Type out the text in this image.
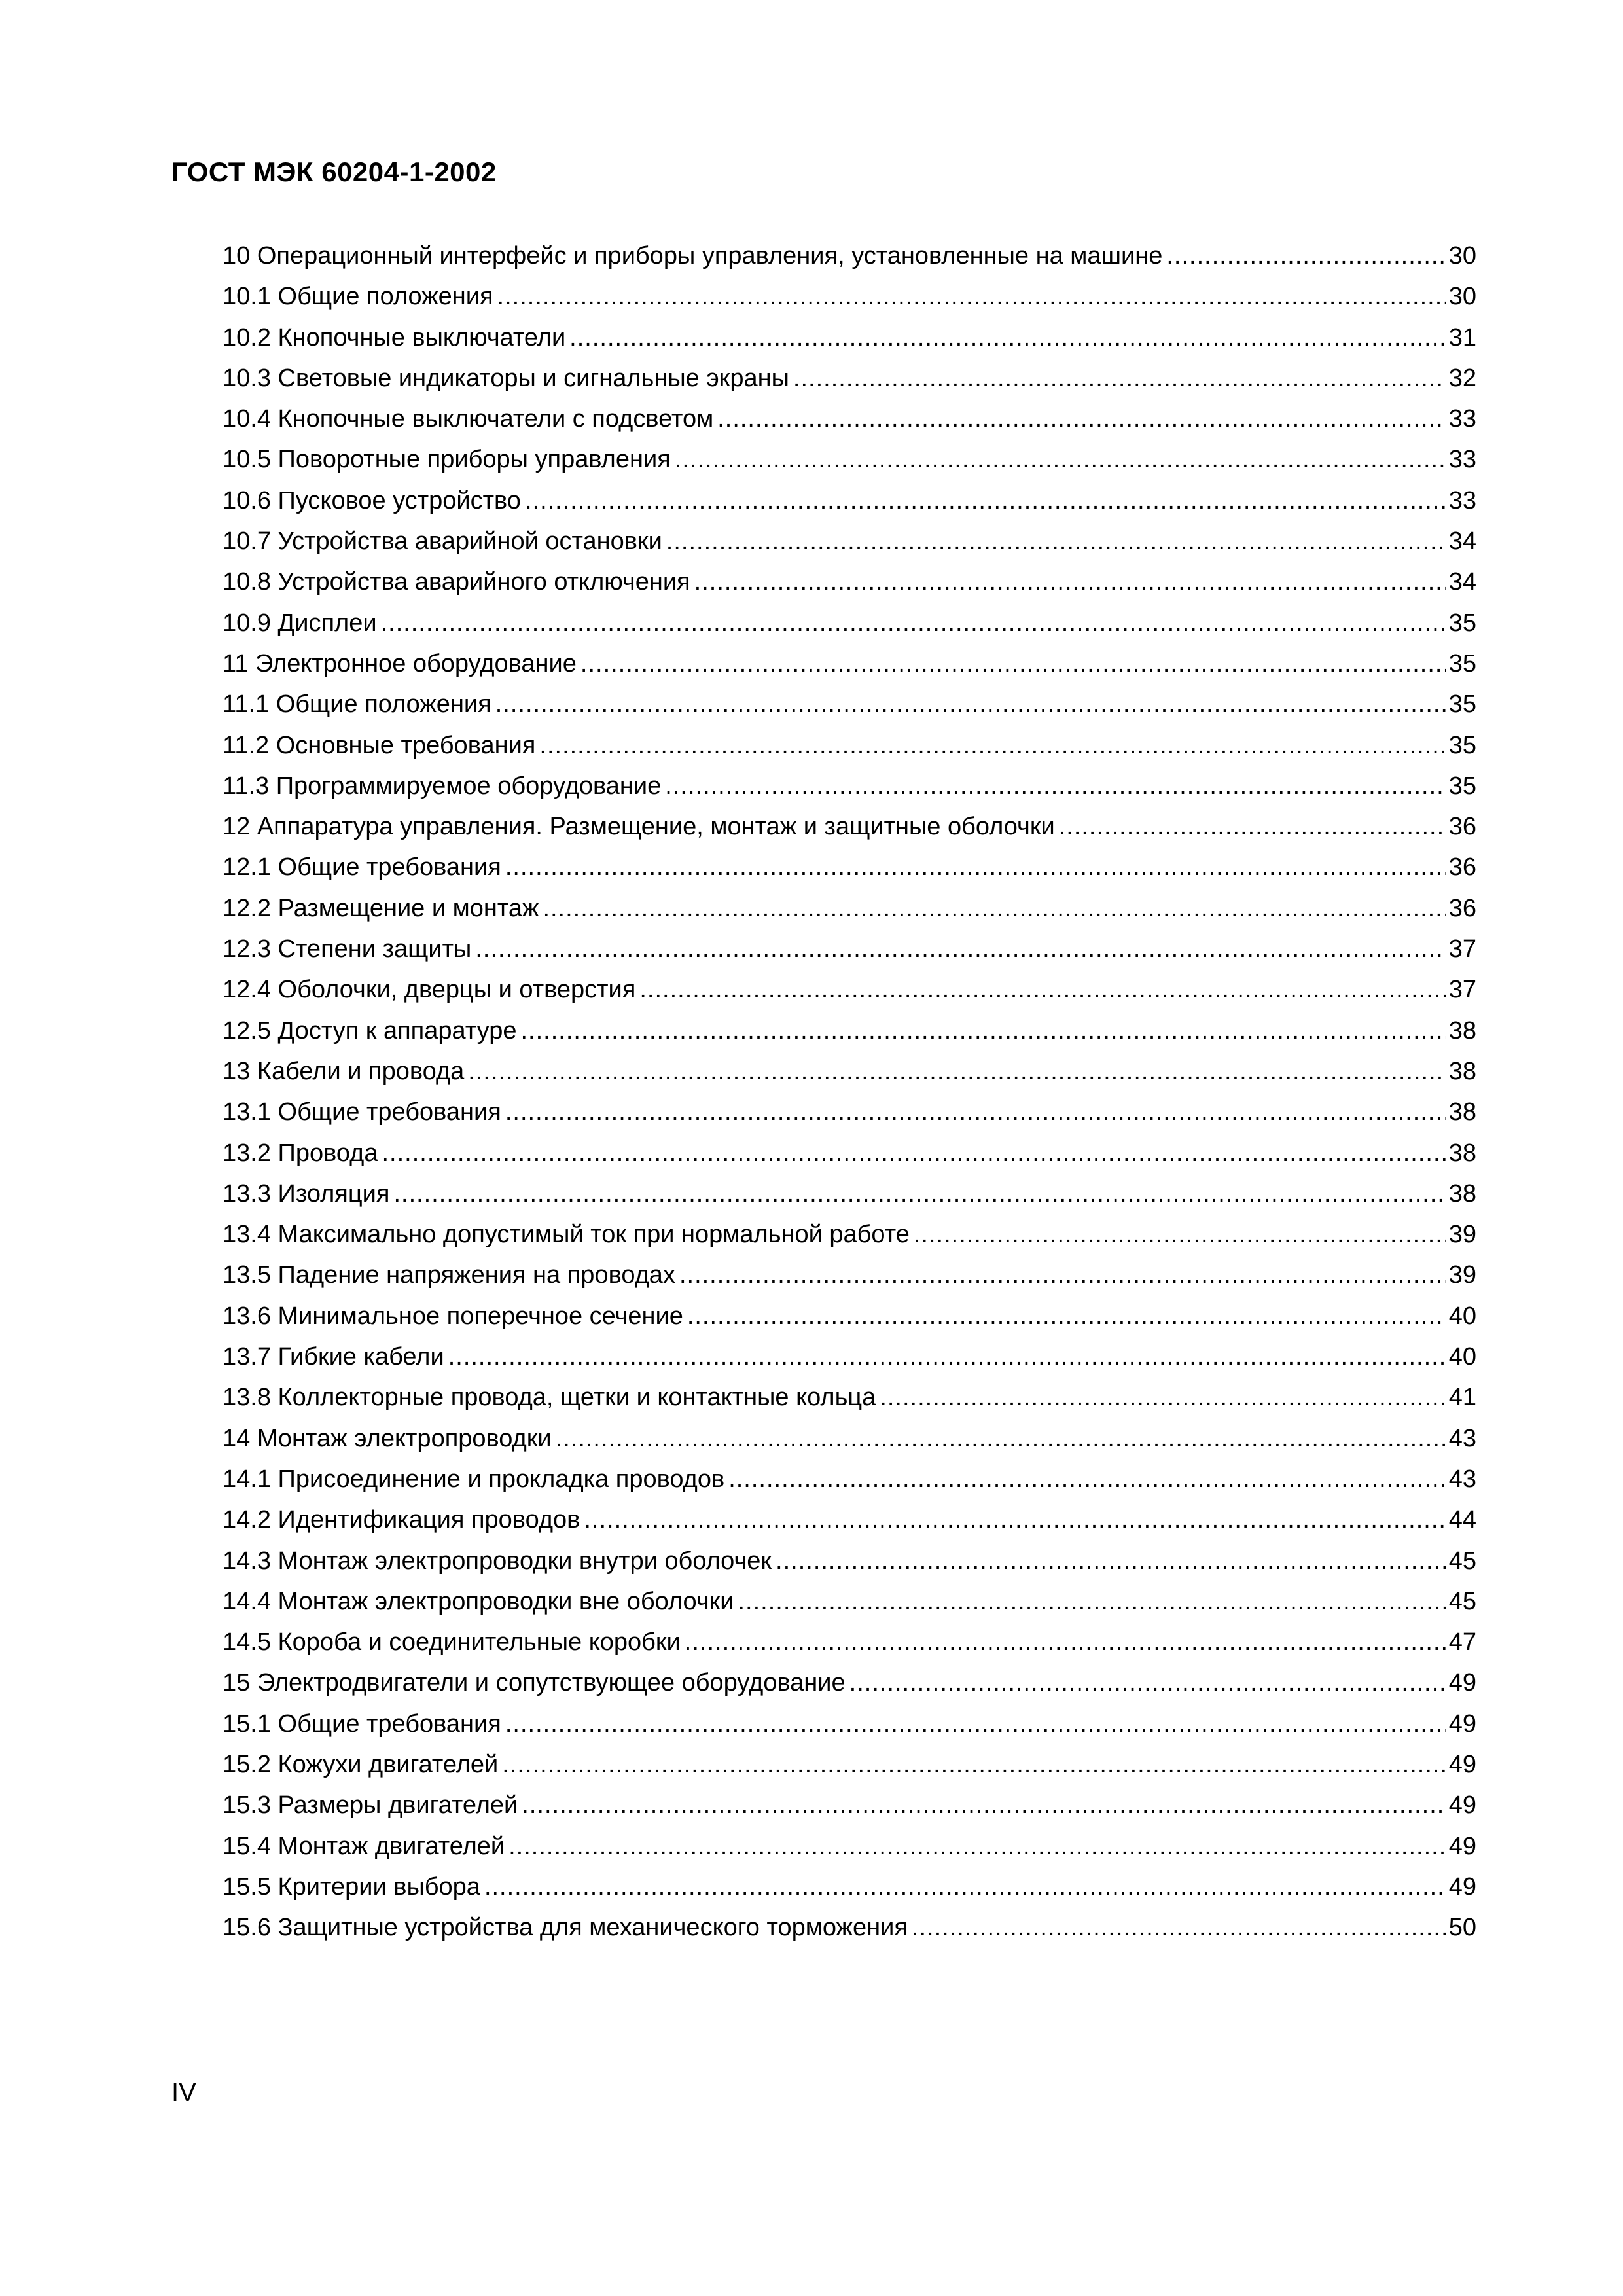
ГОСТ МЭК 60204-1-2002
10 Операционный интерфейс и приборы управления, установленные на машине .....	30
10.1 Общие положения .....	30
10.2 Кнопочные выключатели .....	31
10.3 Световые индикаторы и сигнальные экраны .....	32
10.4 Кнопочные выключатели с подсветом .....	33
10.5 Поворотные приборы управления .....	33
10.6 Пусковое устройство .....	33
10.7 Устройства аварийной остановки .....	34
10.8 Устройства аварийного отключения .....	34
10.9 Дисплеи .....	35
11 Электронное оборудование .....	35
11.1 Общие положения .....	35
11.2 Основные требования .....	35
11.3 Программируемое оборудование .....	35
12 Аппаратура управления. Размещение, монтаж и защитные оболочки .....	36
12.1 Общие требования .....	36
12.2 Размещение и монтаж .....	36
12.3 Степени защиты .....	37
12.4 Оболочки, дверцы и отверстия .....	37
12.5 Доступ к аппаратуре .....	38
13 Кабели и провода .....	38
13.1 Общие требования .....	38
13.2 Провода .....	38
13.3 Изоляция .....	38
13.4 Максимально допустимый ток при нормальной работе .....	39
13.5 Падение напряжения на проводах .....	39
13.6 Минимальное поперечное сечение .....	40
13.7 Гибкие кабели .....	40
13.8 Коллекторные провода, щетки и контактные кольца .....	41
14 Монтаж электропроводки .....	43
14.1 Присоединение и прокладка проводов .....	43
14.2 Идентификация проводов .....	44
14.3 Монтаж электропроводки внутри оболочек .....	45
14.4 Монтаж электропроводки вне оболочки .....	45
14.5 Короба и соединительные коробки .....	47
15 Электродвигатели и сопутствующее оборудование .....	49
15.1 Общие требования .....	49
15.2 Кожухи двигателей .....	49
15.3 Размеры двигателей .....	49
15.4 Монтаж двигателей .....	49
15.5 Критерии выбора .....	49
15.6 Защитные устройства для механического торможения .....	50
IV
